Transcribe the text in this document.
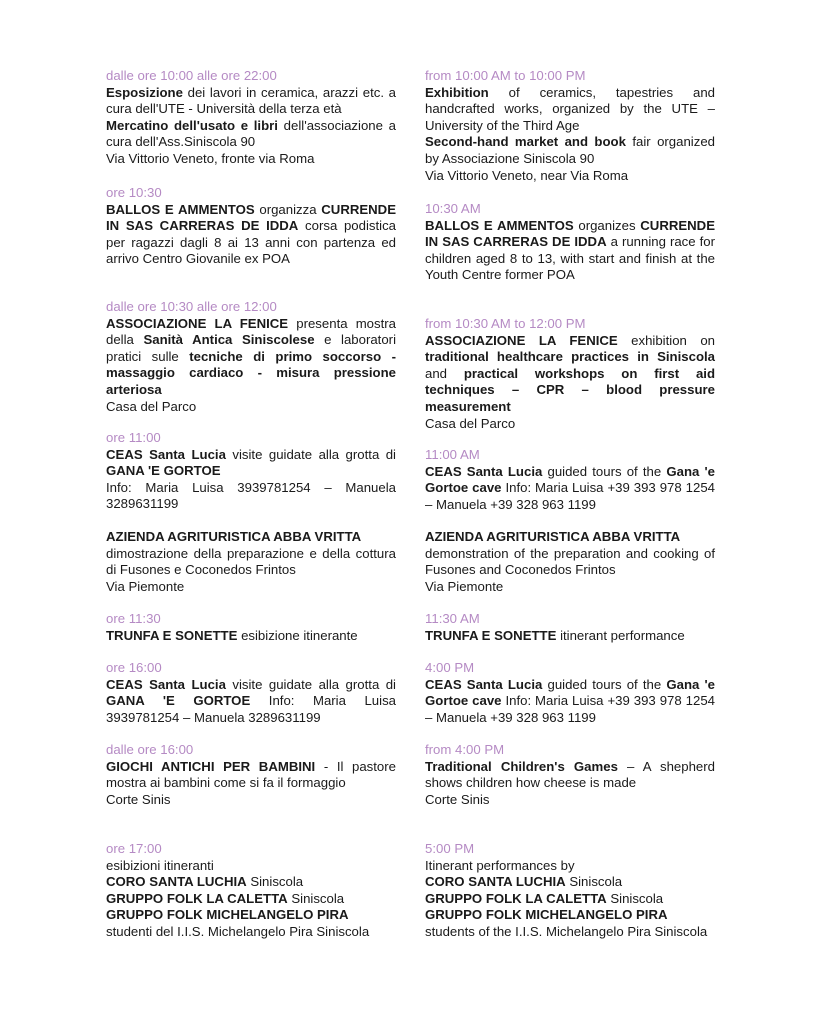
dalle ore 10:00 alle ore 22:00

Esposizione dei lavori in ceramica, arazzi etc. a cura dell'UTE - Università della terza età

Mercatino dell'usato e libri dell'associazione a cura dell'Ass.Siniscola 90

Via Vittorio Veneto, fronte via Roma

ore 10:30

BALLOS E AMMENTOS organizza CURRENDE IN SAS CARRERAS DE IDDA corsa podistica per ragazzi dagli 8 ai 13 anni con partenza ed arrivo Centro Giovanile ex POA

dalle ore 10:30 alle ore 12:00

ASSOCIAZIONE LA FENICE presenta mostra della Sanità Antica Siniscolese e laboratori pratici sulle tecniche di primo soccorso - massaggio cardiaco - misura pressione arteriosa

Casa del Parco

ore 11:00

CEAS Santa Lucia visite guidate alla grotta di GANA 'E GORTOE

Info: Maria Luisa 3939781254 – Manuela 3289631199

AZIENDA AGRITURISTICA ABBA VRITTA

dimostrazione della preparazione e della cottura di Fusones e Coconedos Frintos

Via Piemonte

ore 11:30

TRUNFA E SONETTE esibizione itinerante

ore 16:00

CEAS Santa Lucia visite guidate alla grotta di GANA 'E GORTOE Info: Maria Luisa 3939781254 – Manuela 3289631199

dalle ore 16:00

GIOCHI ANTICHI PER BAMBINI - Il pastore mostra ai bambini come si fa il formaggio

Corte Sinis

ore 17:00

esibizioni itineranti

CORO SANTA LUCHIA Siniscola

GRUPPO FOLK LA CALETTA Siniscola

GRUPPO FOLK MICHELANGELO PIRA

studenti del I.I.S. Michelangelo Pira Siniscola

from 10:00 AM to 10:00 PM

Exhibition of ceramics, tapestries and handcrafted works, organized by the UTE – University of the Third Age

Second-hand market and book fair organized by Associazione Siniscola 90

Via Vittorio Veneto, near Via Roma

10:30 AM

BALLOS E AMMENTOS organizes CURRENDE IN SAS CARRERAS DE IDDA a running race for children aged 8 to 13, with start and finish at the Youth Centre former POA

from 10:30 AM to 12:00 PM

ASSOCIAZIONE LA FENICE exhibition on traditional healthcare practices in Siniscola and practical workshops on first aid techniques – CPR – blood pressure measurement

Casa del Parco

11:00 AM

CEAS Santa Lucia guided tours of the Gana 'e Gortoe cave Info: Maria Luisa +39 393 978 1254 – Manuela +39 328 963 1199

AZIENDA AGRITURISTICA ABBA VRITTA

demonstration of the preparation and cooking of Fusones and Coconedos Frintos

Via Piemonte

11:30 AM

TRUNFA E SONETTE itinerant performance

4:00 PM

CEAS Santa Lucia guided tours of the Gana 'e Gortoe cave Info: Maria Luisa +39 393 978 1254 – Manuela +39 328 963 1199

from 4:00 PM

Traditional Children's Games – A shepherd shows children how cheese is made

Corte Sinis

5:00 PM

Itinerant performances by

CORO SANTA LUCHIA Siniscola

GRUPPO FOLK LA CALETTA Siniscola

GRUPPO FOLK MICHELANGELO PIRA

students of the I.I.S. Michelangelo Pira Siniscola
